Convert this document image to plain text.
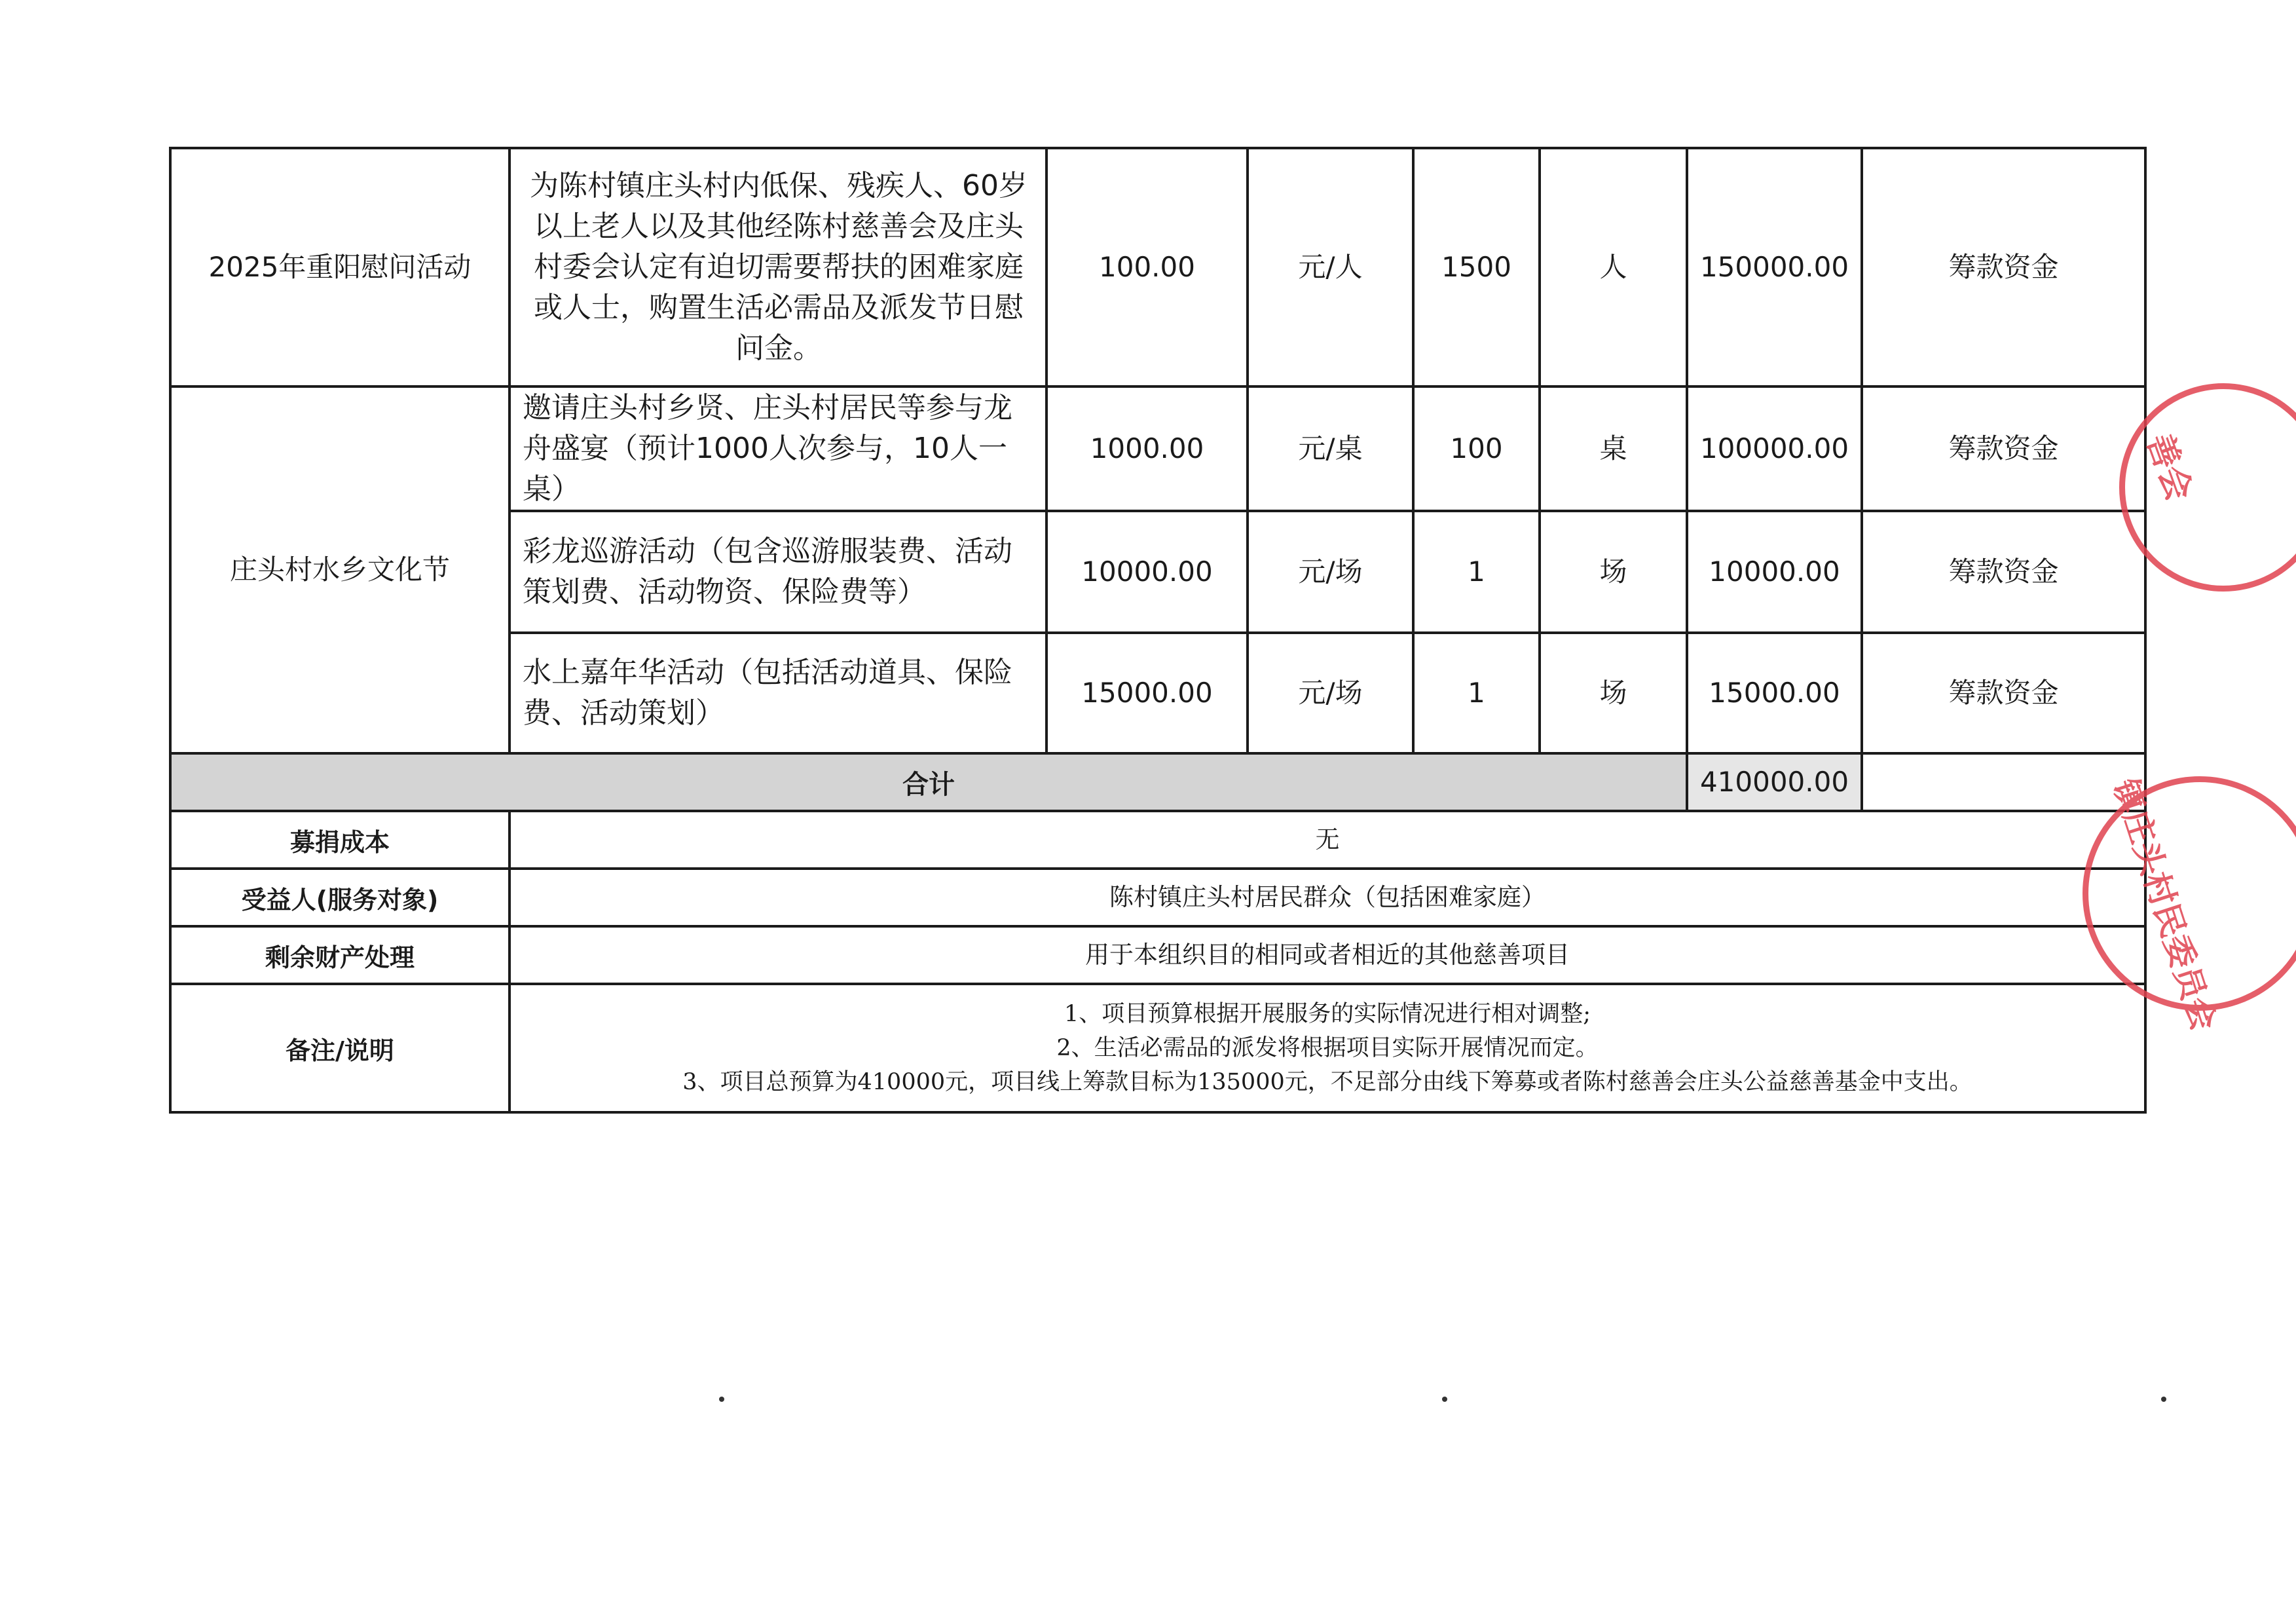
2025年重阳慰问活动	为陈村镇庄头村内低保、残疾人、60岁以上老人以及其他经陈村慈善会及庄头村委会认定有迫切需要帮扶的困难家庭或人士，购置生活必需品及派发节日慰问金。	100.00	元/人	1500	人	150000.00	筹款资金
庄头村水乡文化节	邀请庄头村乡贤、庄头村居民等参与龙舟盛宴（预计1000人次参与，10人一桌）	1000.00	元/桌	100	桌	100000.00	筹款资金
	彩龙巡游活动（包含巡游服装费、活动策划费、活动物资、保险费等）	10000.00	元/场	1	场	10000.00	筹款资金
	水上嘉年华活动（包括活动道具、保险费、活动策划）	15000.00	元/场	1	场	15000.00	筹款资金
合计						410000.00	
募捐成本	无						
受益人(服务对象)	陈村镇庄头村居民群众（包括困难家庭）						
剩余财产处理	用于本组织目的相同或者相近的其他慈善项目						
备注/说明	1、项目预算根据开展服务的实际情况进行相对调整;
2、生活必需品的派发将根据项目实际开展情况而定。
3、项目总预算为410000元，项目线上筹款目标为135000元，不足部分由线下筹募或者陈村慈善会庄头公益慈善基金中支出。						
善会
镇庄头村民委员会
